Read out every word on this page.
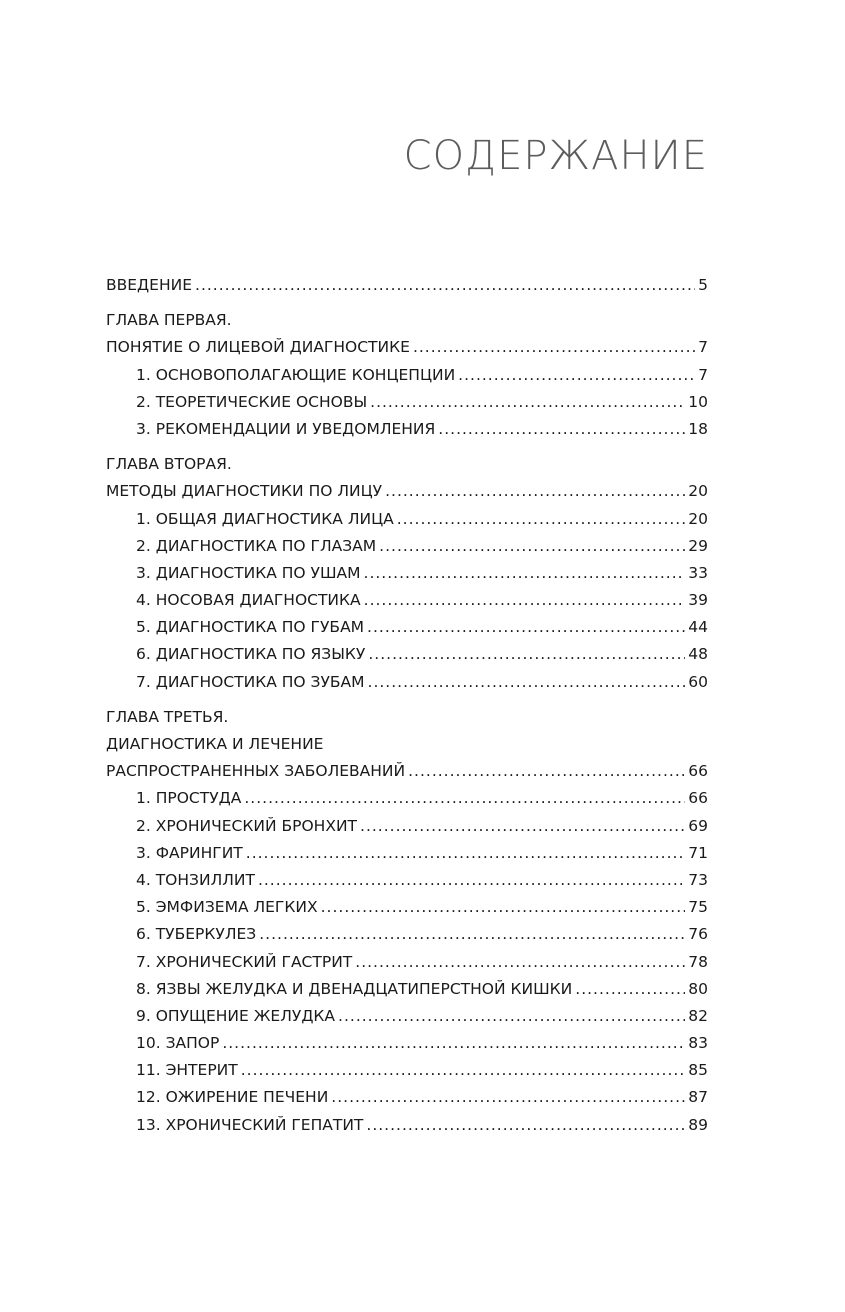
СОДЕРЖАНИЕ
ВВЕДЕНИЕ .....	5
ГЛАВА ПЕРВАЯ.
ПОНЯТИЕ О ЛИЦЕВОЙ ДИАГНОСТИКЕ .....	7
1. ОСНОВОПОЛАГАЮЩИЕ КОНЦЕПЦИИ .....	7
2. ТЕОРЕТИЧЕСКИЕ ОСНОВЫ .....	10
3. РЕКОМЕНДАЦИИ И УВЕДОМЛЕНИЯ .....	18
ГЛАВА ВТОРАЯ.
МЕТОДЫ ДИАГНОСТИКИ ПО ЛИЦУ .....	20
1. ОБЩАЯ ДИАГНОСТИКА ЛИЦА .....	20
2. ДИАГНОСТИКА ПО ГЛАЗАМ .....	29
3. ДИАГНОСТИКА ПО УШАМ .....	33
4. НОСОВАЯ ДИАГНОСТИКА .....	39
5. ДИАГНОСТИКА ПО ГУБАМ .....	44
6. ДИАГНОСТИКА ПО ЯЗЫКУ .....	48
7. ДИАГНОСТИКА ПО ЗУБАМ .....	60
ГЛАВА ТРЕТЬЯ.
ДИАГНОСТИКА И ЛЕЧЕНИЕ
РАСПРОСТРАНЕННЫХ ЗАБОЛЕВАНИЙ .....	66
1. ПРОСТУДА .....	66
2. ХРОНИЧЕСКИЙ БРОНХИТ .....	69
3. ФАРИНГИТ .....	71
4. ТОНЗИЛЛИТ .....	73
5. ЭМФИЗЕМА ЛЕГКИХ .....	75
6. ТУБЕРКУЛЕЗ .....	76
7. ХРОНИЧЕСКИЙ ГАСТРИТ .....	78
8. ЯЗВЫ ЖЕЛУДКА И ДВЕНАДЦАТИПЕРСТНОЙ КИШКИ .....	80
9. ОПУЩЕНИЕ ЖЕЛУДКА .....	82
10. ЗАПОР .....	83
11. ЭНТЕРИТ .....	85
12. ОЖИРЕНИЕ ПЕЧЕНИ .....	87
13. ХРОНИЧЕСКИЙ ГЕПАТИТ .....	89
